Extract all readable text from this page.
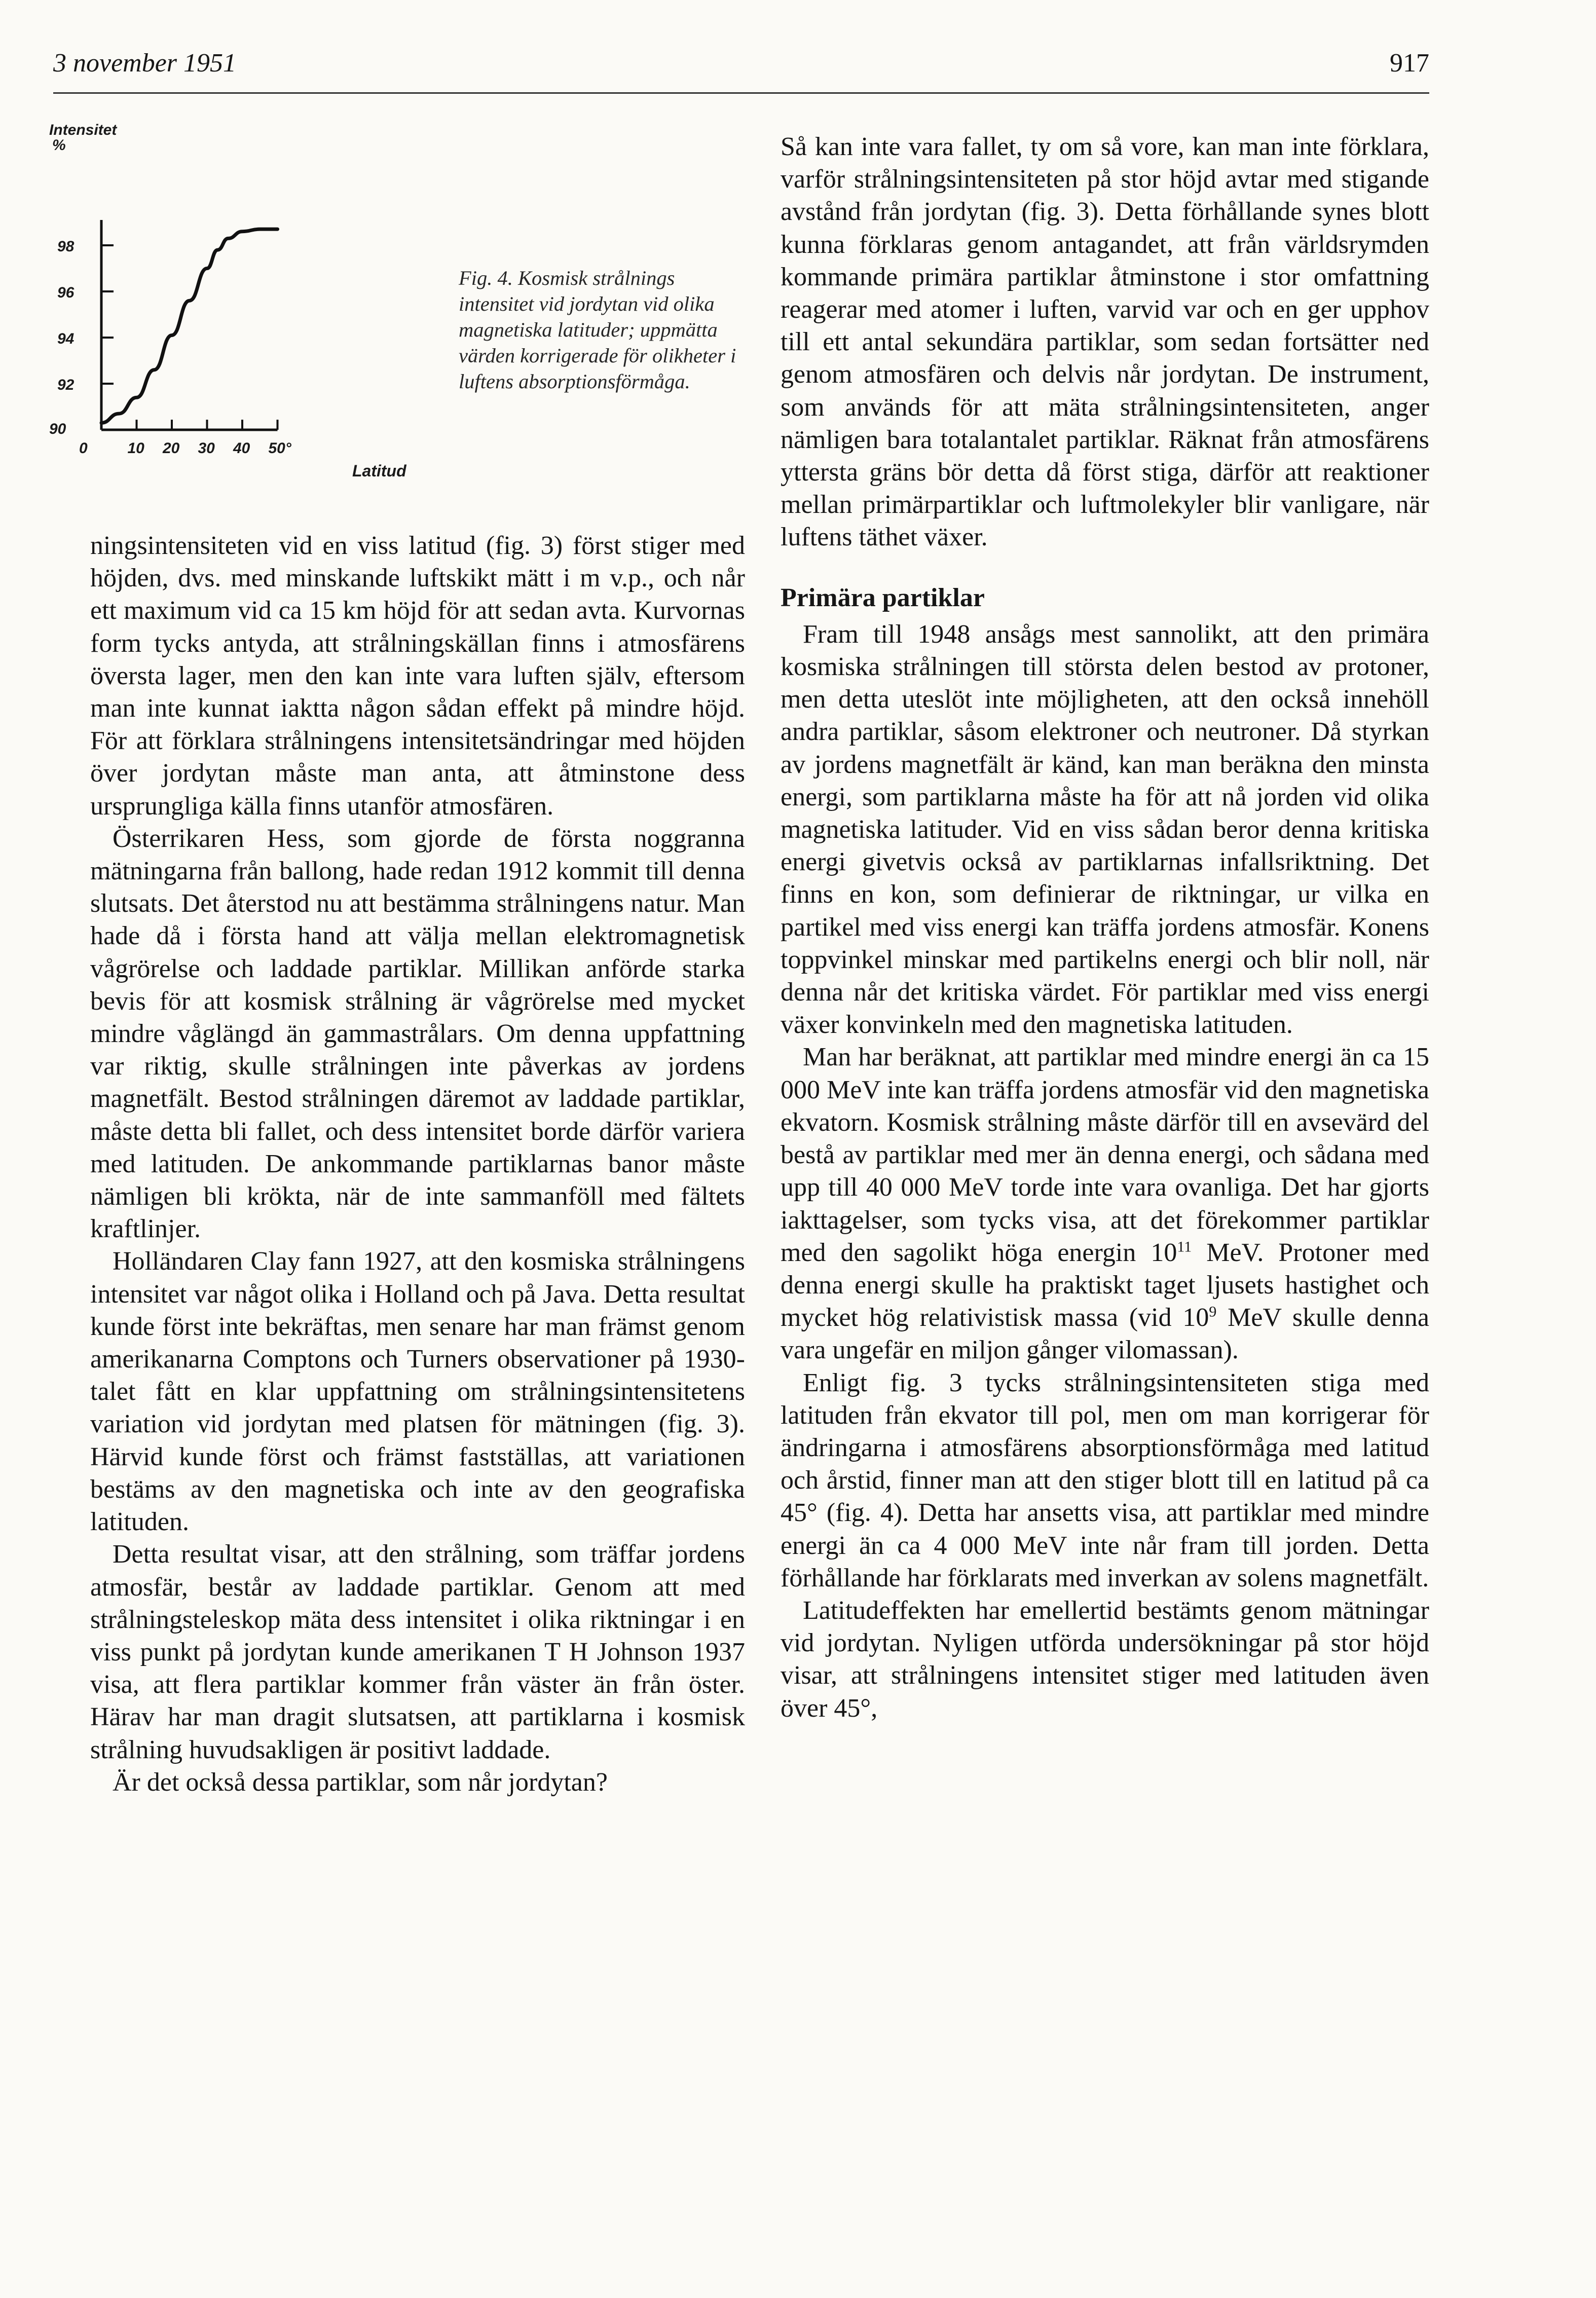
3 november 1951	917
Intensitet
%
Latitud
90
92
94
96
98
0	10 20 30 40 50°
Fig. 4. Kosmisk strålnings intensitet vid jordytan vid olika magnetiska latituder; uppmätta värden korrigerade för olikheter i luftens absorptionsförmåga.

ningsintensiteten vid en viss latitud (fig. 3) först stiger med höjden, dvs. med minskande luftskikt mätt i m v.p., och når ett maximum vid ca 15 km höjd för att sedan avta. Kurvornas form tycks antyda, att strålningskällan finns i atmosfärens översta lager, men den kan inte vara luften själv, eftersom man inte kunnat iaktta någon sådan effekt på mindre höjd. För att förklara strålningens intensitetsändringar med höjden över jordytan måste man anta, att åtminstone dess ursprungliga källa finns utanför atmosfären.

Österrikaren Hess, som gjorde de första noggranna mätningarna från ballong, hade redan 1912 kommit till denna slutsats. Det återstod nu att bestämma strålningens natur. Man hade då i första hand att välja mellan elektromagnetisk vågrörelse och laddade partiklar. Millikan anförde starka bevis för att kosmisk strålning är vågrörelse med mycket mindre våglängd än gammastrålars. Om denna uppfattning var riktig, skulle strålningen inte påverkas av jordens magnetfält. Bestod strålningen däremot av laddade partiklar, måste detta bli fallet, och dess intensitet borde därför variera med latituden. De ankommande partiklarnas banor måste nämligen bli krökta, när de inte sammanföll med fältets kraftlinjer.

Holländaren Clay fann 1927, att den kosmiska strålningens intensitet var något olika i Holland och på Java. Detta resultat kunde först inte bekräftas, men senare har man främst genom amerikanarna Comptons och Turners observationer på 1930-talet fått en klar uppfattning om strålningsintensitetens variation vid jordytan med platsen för mätningen (fig. 3). Härvid kunde först och främst fastställas, att variationen bestäms av den magnetiska och inte av den geografiska latituden.

Detta resultat visar, att den strålning, som träffar jordens atmosfär, består av laddade partiklar. Genom att med strålningsteleskop mäta dess intensitet i olika riktningar i en viss punkt på jordytan kunde amerikanen T H Johnson 1937 visa, att flera partiklar kommer från väster än från öster. Härav har man dragit slutsatsen, att partiklarna i kosmisk strålning huvudsakligen är positivt laddade.

Är det också dessa partiklar, som når jordytan?

Så kan inte vara fallet, ty om så vore, kan man inte förklara, varför strålningsintensiteten på stor höjd avtar med stigande avstånd från jordytan (fig. 3). Detta förhållande synes blott kunna förklaras genom antagandet, att från världsrymden kommande primära partiklar åtminstone i stor omfattning reagerar med atomer i luften, varvid var och en ger upphov till ett antal sekundära partiklar, som sedan fortsätter ned genom atmosfären och delvis når jordytan. De instrument, som används för att mäta strålningsintensiteten, anger nämligen bara totalantalet partiklar. Räknat från atmosfärens yttersta gräns bör detta då först stiga, därför att reaktioner mellan primärpartiklar och luftmolekyler blir vanligare, när luftens täthet växer.

Primära partiklar

Fram till 1948 ansågs mest sannolikt, att den primära kosmiska strålningen till största delen bestod av protoner, men detta uteslöt inte möjligheten, att den också innehöll andra partiklar, såsom elektroner och neutroner. Då styrkan av jordens magnetfält är känd, kan man beräkna den minsta energi, som partiklarna måste ha för att nå jorden vid olika magnetiska latituder. Vid en viss sådan beror denna kritiska energi givetvis också av partiklarnas infallsriktning. Det finns en kon, som definierar de riktningar, ur vilka en partikel med viss energi kan träffa jordens atmosfär. Konens toppvinkel minskar med partikelns energi och blir noll, när denna når det kritiska värdet. För partiklar med viss energi växer konvinkeln med den magnetiska latituden.

Man har beräknat, att partiklar med mindre energi än ca 15 000 MeV inte kan träffa jordens atmosfär vid den magnetiska ekvatorn. Kosmisk strålning måste därför till en avsevärd del bestå av partiklar med mer än denna energi, och sådana med upp till 40 000 MeV torde inte vara ovanliga. Det har gjorts iakttagelser, som tycks visa, att det förekommer partiklar med den sagolikt höga energin $10^{11}$ MeV. Protoner med denna energi skulle ha praktiskt taget ljusets hastighet och mycket hög relativistisk massa (vid $10^9$ MeV skulle denna vara ungefär en miljon gånger vilomassan).

Enligt fig. 3 tycks strålningsintensiteten stiga med latituden från ekvator till pol, men om man korrigerar för ändringarna i atmosfärens absorptionsförmåga med latitud och årstid, finner man att den stiger blott till en latitud på ca 45° (fig. 4). Detta har ansetts visa, att partiklar med mindre energi än ca 4 000 MeV inte når fram till jorden. Detta förhållande har förklarats med inverkan av solens magnetfält.

Latitudeffekten har emellertid bestämts genom mätningar vid jordytan. Nyligen utförda undersökningar på stor höjd visar, att strålningens intensitet stiger med latituden även över 45°,
